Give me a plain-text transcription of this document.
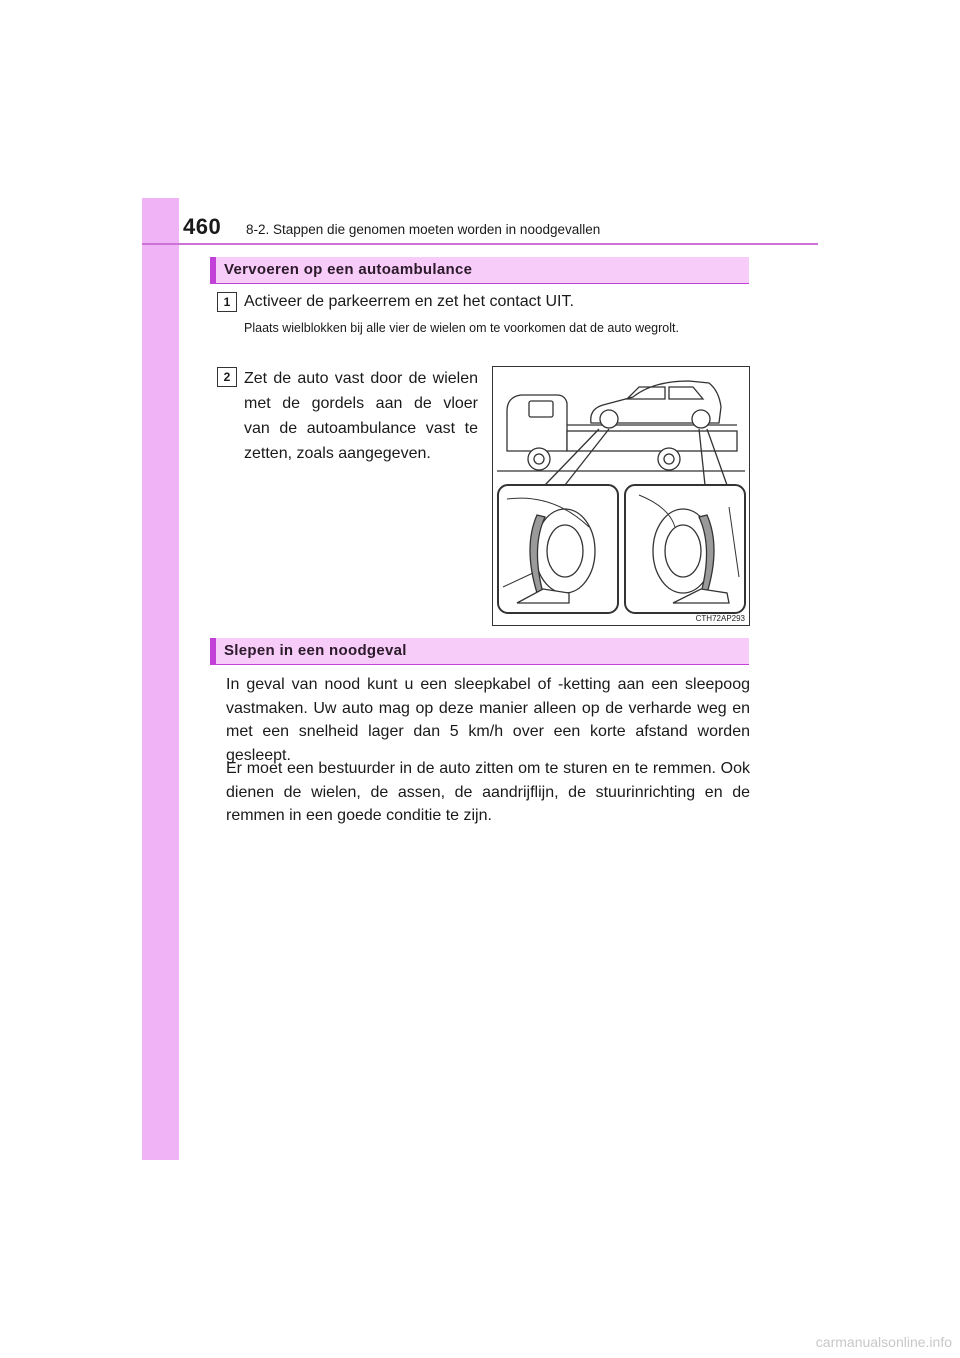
460 8-2. Stappen die genomen moeten worden in noodgevallen
Vervoeren op een autoambulance
1 Activeer de parkeerrem en zet het contact UIT.
Plaats wielblokken bij alle vier de wielen om te voorkomen dat de auto wegrolt.
2 Zet de auto vast door de wielen
met de gordels aan de vloer
van de autoambulance vast te
zetten, zoals aangegeven.
CTH72AP293
Slepen in een noodgeval
In geval van nood kunt u een sleepkabel of -ketting aan een sleepoog vastmaken. Uw auto mag op deze manier alleen op de verharde weg en met een snelheid lager dan 5 km/h over een korte afstand worden gesleept.
Er moet een bestuurder in de auto zitten om te sturen en te remmen. Ook dienen de wielen, de assen, de aandrijflijn, de stuurinrichting en de remmen in een goede conditie te zijn.
carmanualsonline.info
